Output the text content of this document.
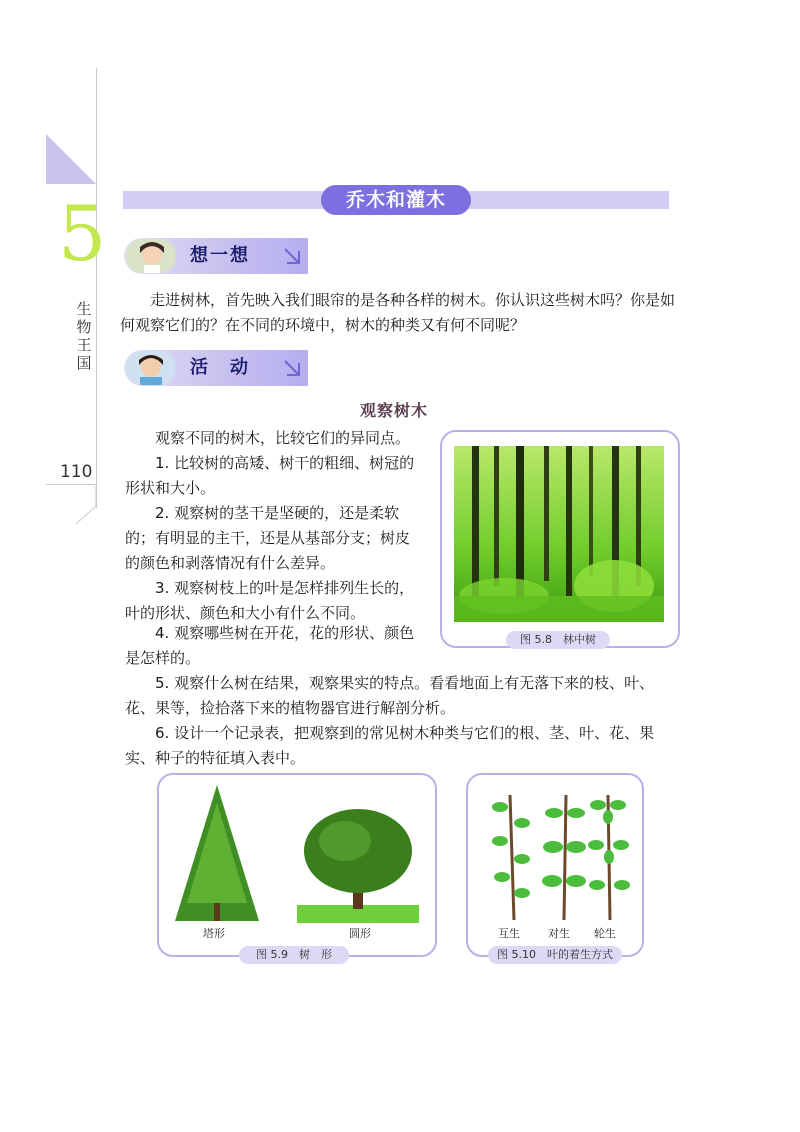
5
生物王国
110
乔木和灌木
想一想

走进树林，首先映入我们眼帘的是各种各样的树木。你认识这些树木吗？你是如何观察它们的？在不同的环境中，树木的种类又有何不同呢？

活　动
观察树木

观察不同的树木，比较它们的异同点。

1. 比较树的高矮、树干的粗细、树冠的形状和大小。

2. 观察树的茎干是坚硬的，还是柔软的；有明显的主干，还是从基部分支；树皮的颜色和剥落情况有什么差异。

3. 观察树枝上的叶是怎样排列生长的，叶的形状、颜色和大小有什么不同。

4. 观察哪些树在开花，花的形状、颜色是怎样的。

5. 观察什么树在结果，观察果实的特点。看看地面上有无落下来的枝、叶、花、果等，捡拾落下来的植物器官进行解剖分析。

6. 设计一个记录表，把观察到的常见树木种类与它们的根、茎、叶、花、果实、种子的特征填入表中。

图 5.8　林中树
塔形	圆形
图 5.9　树　形
互生	对生 轮生
图 5.10　叶的着生方式
